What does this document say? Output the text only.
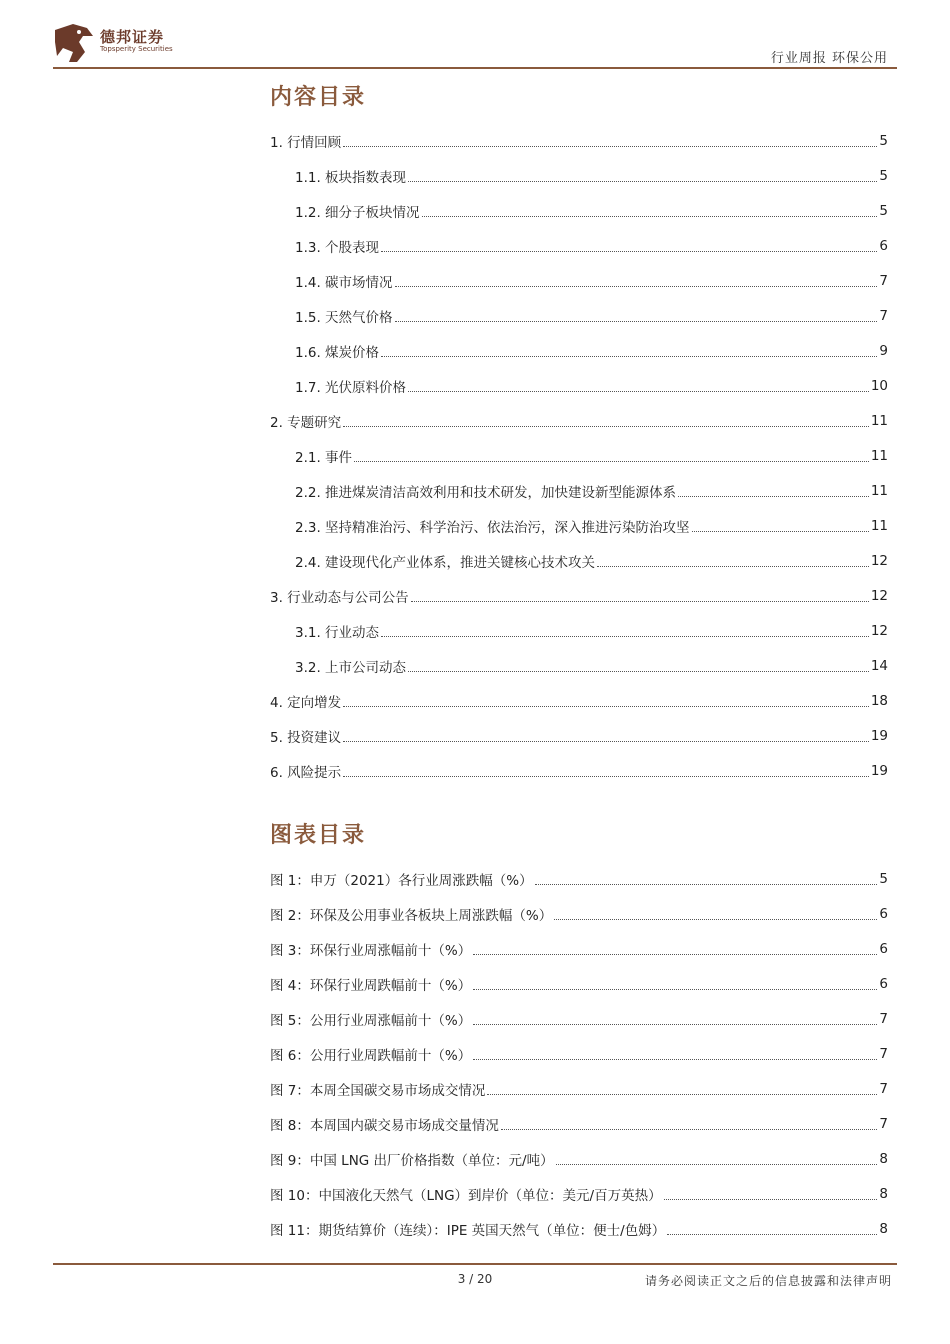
德邦证券
Topsperity Securities
行业周报 环保公用
内容目录
1. 行情回顾	5
1.1. 板块指数表现	5
1.2. 细分子板块情况	5
1.3. 个股表现	6
1.4. 碳市场情况	7
1.5. 天然气价格	7
1.6. 煤炭价格	9
1.7. 光伏原料价格	10
2. 专题研究	11
2.1. 事件	11
2.2. 推进煤炭清洁高效利用和技术研发，加快建设新型能源体系	11
2.3. 坚持精准治污、科学治污、依法治污，深入推进污染防治攻坚	11
2.4. 建设现代化产业体系，推进关键核心技术攻关	12
3. 行业动态与公司公告	12
3.1. 行业动态	12
3.2. 上市公司动态	14
4. 定向增发	18
5. 投资建议	19
6. 风险提示	19
图表目录
图 1：申万（2021）各行业周涨跌幅（%）	5
图 2：环保及公用事业各板块上周涨跌幅（%）	6
图 3：环保行业周涨幅前十（%）	6
图 4：环保行业周跌幅前十（%）	6
图 5：公用行业周涨幅前十（%）	7
图 6：公用行业周跌幅前十（%）	7
图 7：本周全国碳交易市场成交情况	7
图 8：本周国内碳交易市场成交量情况	7
图 9：中国 LNG 出厂价格指数（单位：元/吨）	8
图 10：中国液化天然气（LNG）到岸价（单位：美元/百万英热）	8
图 11：期货结算价（连续）：IPE 英国天然气（单位：便士/色姆）	8
3 / 20	请务必阅读正文之后的信息披露和法律声明
